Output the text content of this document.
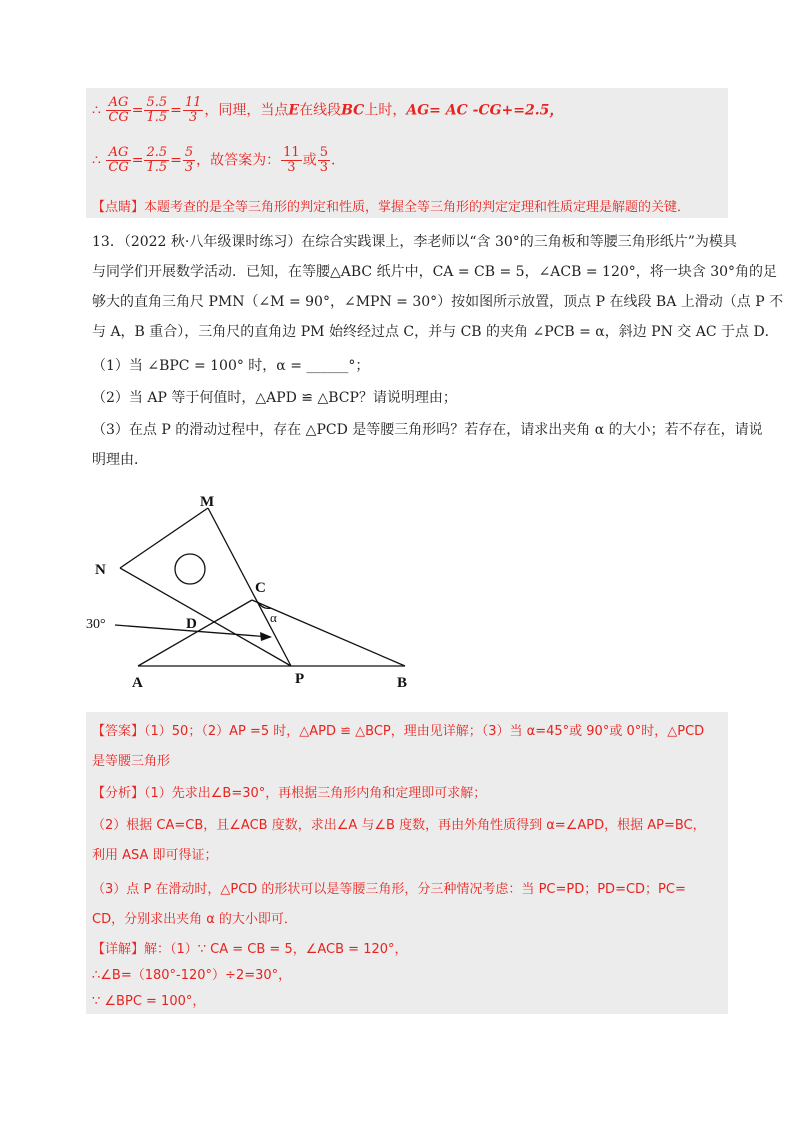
∴ $\frac{AG}{CG} = \frac{5.5}{1.5} = \frac{11}{3}$ ，同理，当点E在线段BC上时，AG= AC -CG+=2.5，
∴ $\frac{AG}{CG} = \frac{2.5}{1.5} = \frac{5}{3}$ ，故答案为： $\frac{11}{3}$ 或 $\frac{5}{3}$ ．
【点睛】本题考查的是全等三角形的判定和性质，掌握全等三角形的判定定理和性质定理是解题的关键．
13．（2022 秋·八年级课时练习）在综合实践课上，李老师以“含 30°的三角板和等腰三角形纸片”为模具
与同学们开展数学活动．已知，在等腰△ABC 纸片中，CA = CB = 5，∠ACB = 120°，将一块含 30°角的足
够大的直角三角尺 PMN（∠M = 90°，∠MPN = 30°）按如图所示放置，顶点 P 在线段 BA 上滑动（点 P 不
与 A，B 重合），三角尺的直角边 PM 始终经过点 C，并与 CB 的夹角 ∠PCB = α，斜边 PN 交 AC 于点 D．
（1）当 ∠BPC = 100° 时，α = ______°；
（2）当 AP 等于何值时，△APD ≌ △BCP？请说明理由；
（3）在点 P 的滑动过程中，存在 △PCD 是等腰三角形吗？若存在，请求出夹角 α 的大小；若不存在，请说
明理由．
M
N
C
D
A	P	B
α
30°
【答案】（1）50；（2）AP =5 时，△APD ≌ △BCP，理由见详解；（3）当 α=45°或 90°或 0°时，△PCD
是等腰三角形
【分析】（1）先求出∠B=30°，再根据三角形内角和定理即可求解；
（2）根据 CA=CB，且∠ACB 度数，求出∠A 与∠B 度数，再由外角性质得到 α=∠APD，根据 AP=BC，
利用 ASA 即可得证；
（3）点 P 在滑动时，△PCD 的形状可以是等腰三角形，分三种情况考虑：当 PC=PD；PD=CD；PC=
CD，分别求出夹角 α 的大小即可．
【详解】解：（1）∵ CA = CB = 5，∠ACB = 120°，
∴∠B=（180°-120°）÷2=30°，
∵ ∠BPC = 100°，
